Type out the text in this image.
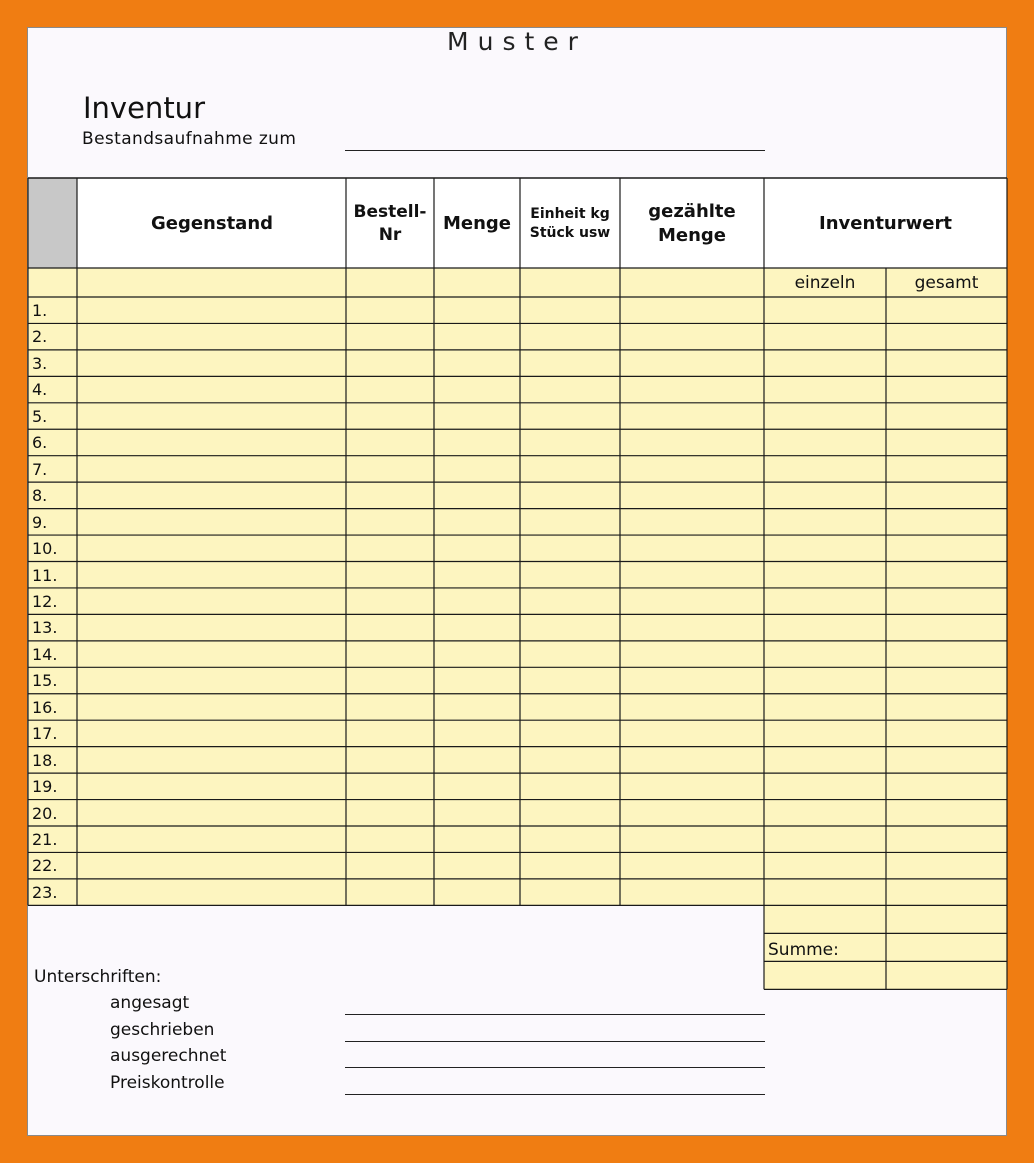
Muster
Inventur
Bestandsaufnahme zum
Gegenstand
Bestell-
Nr
Menge Einheit kg
Stück usw
gezählte
Menge
Inventurwert
einzeln	gesamt
1.
2.
3.
4.
5.
6.
7.
8.
9.
10.
11.
12.
13.
14.
15.
16.
17.
18.
19.
20.
21.
22.
23.
Summe:
Unterschriften:
angesagt
geschrieben
ausgerechnet
Preiskontrolle
